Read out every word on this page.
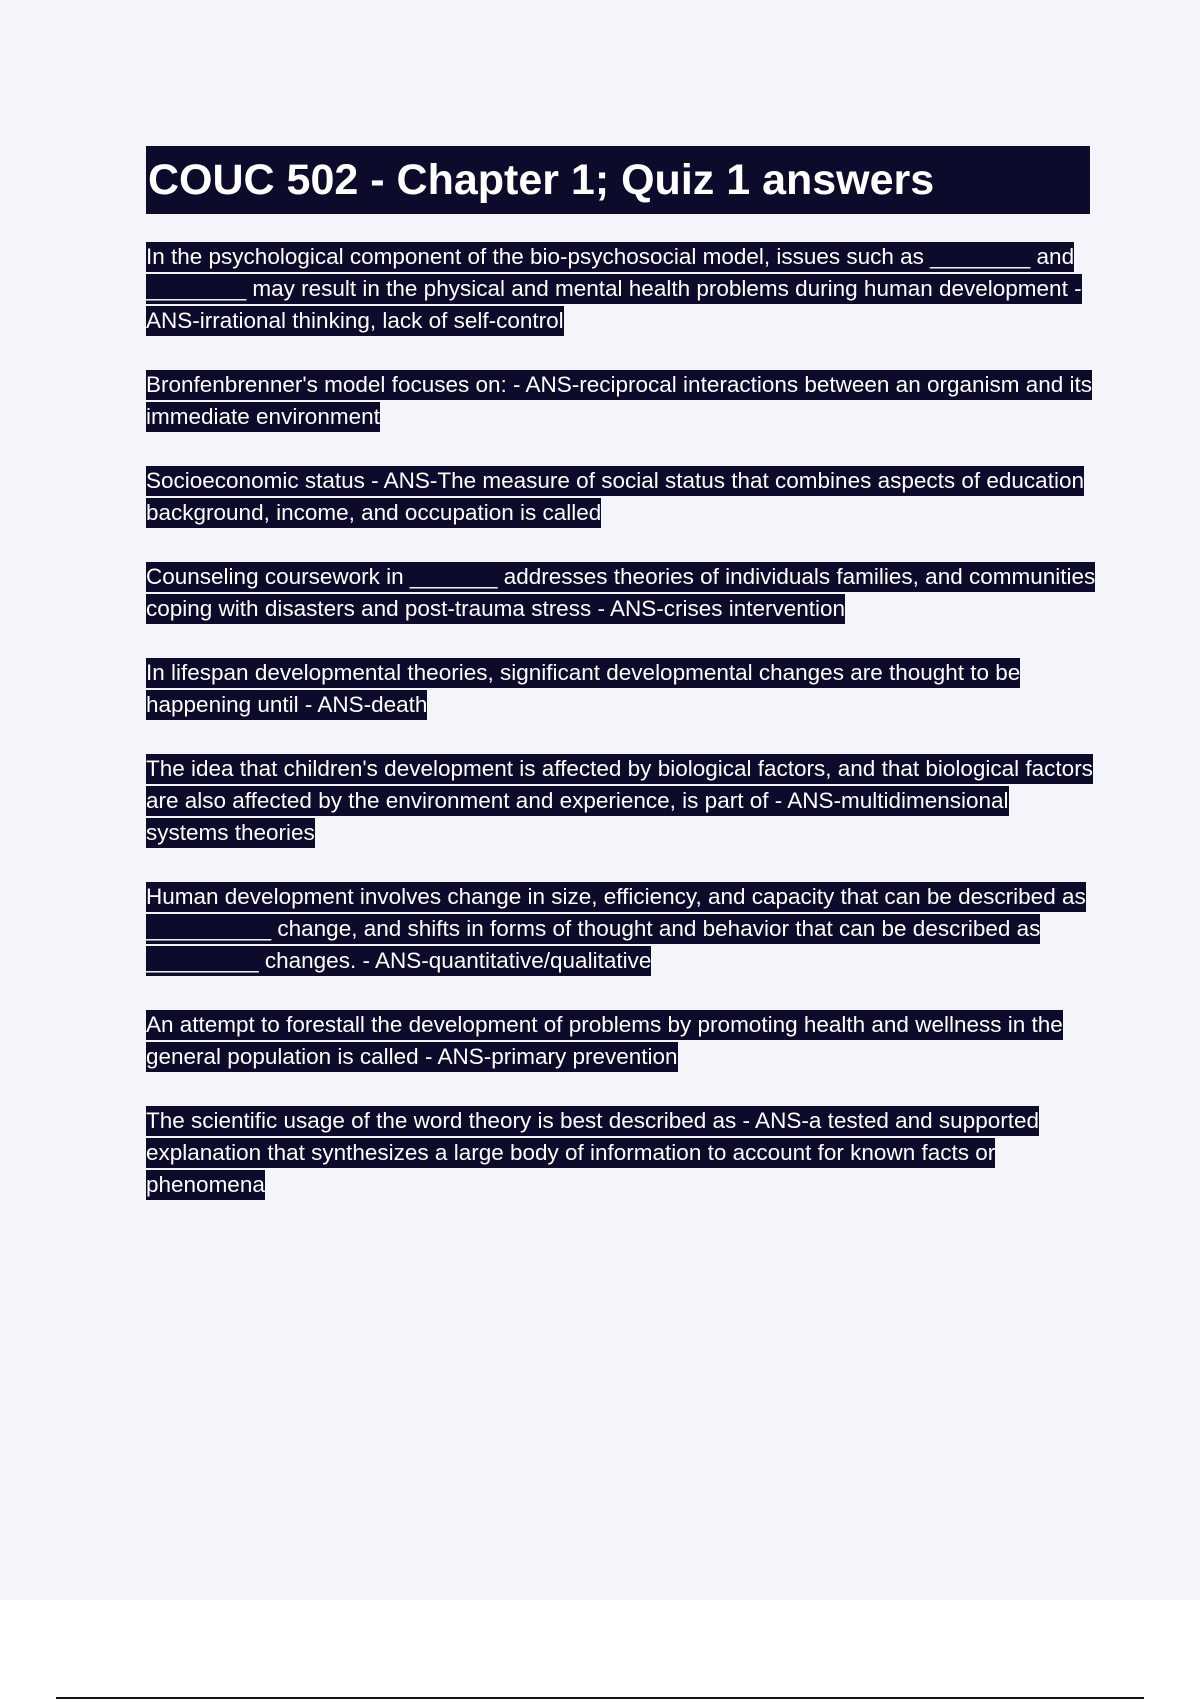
COUC 502 - Chapter 1; Quiz 1 answers

In the psychological component of the bio-psychosocial model, issues such as ________ and ________ may result in the physical and mental health problems during human development - ANS-irrational thinking, lack of self-control

Bronfenbrenner's model focuses on: - ANS-reciprocal interactions between an organism and its immediate environment

Socioeconomic status - ANS-The measure of social status that combines aspects of education background, income, and occupation is called

Counseling coursework in _______ addresses theories of individuals families, and communities coping with disasters and post-trauma stress - ANS-crises intervention

In lifespan developmental theories, significant developmental changes are thought to be happening until - ANS-death

The idea that children's development is affected by biological factors, and that biological factors are also affected by the environment and experience, is part of - ANS-multidimensional systems theories

Human development involves change in size, efficiency, and capacity that can be described as __________ change, and shifts in forms of thought and behavior that can be described as _________ changes. - ANS-quantitative/qualitative

An attempt to forestall the development of problems by promoting health and wellness in the general population is called - ANS-primary prevention

The scientific usage of the word theory is best described as - ANS-a tested and supported explanation that synthesizes a large body of information to account for known facts or phenomena
